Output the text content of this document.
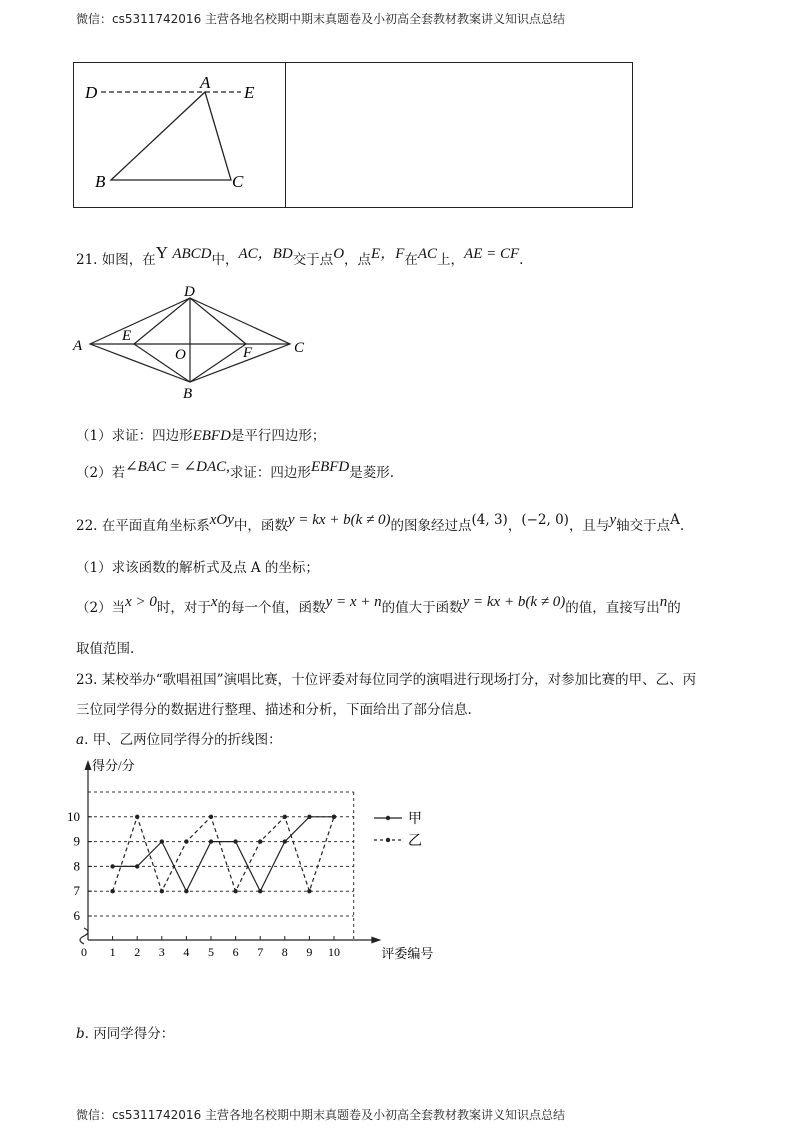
微信：cs5311742016 主营各地名校期中期末真题卷及小初高全套教材教案讲义知识点总结
D
A
E
B	C
21. 如图，在Y ABCD中，AC，BD交于点O，点E，F在AC上，AE = CF.
A
E
D
O	F	C
B
（1）求证：四边形EBFD是平行四边形；
（2）若∠BAC = ∠DAC,求证：四边形EBFD是菱形.
22. 在平面直角坐标系xOy中，函数y = kx + b(k ≠ 0)的图象经过点(4, 3)，(−2, 0)，且与y轴交于点A.
（1）求该函数的解析式及点 A 的坐标；
（2）当x > 0时，对于x的每一个值，函数y = x + n的值大于函数y = kx + b(k ≠ 0)的值，直接写出n的
取值范围.
23. 某校举办“歌唱祖国”演唱比赛，十位评委对每位同学的演唱进行现场打分，对参加比赛的甲、乙、丙
三位同学得分的数据进行整理、描述和分析，下面给出了部分信息.
a. 甲、乙两位同学得分的折线图：
6
7
8
9
10
0 1 2 3 4 5 6 7 8 9 10
得分/分
评委编号
甲
乙
b. 丙同学得分：
微信：cs5311742016 主营各地名校期中期末真题卷及小初高全套教材教案讲义知识点总结
